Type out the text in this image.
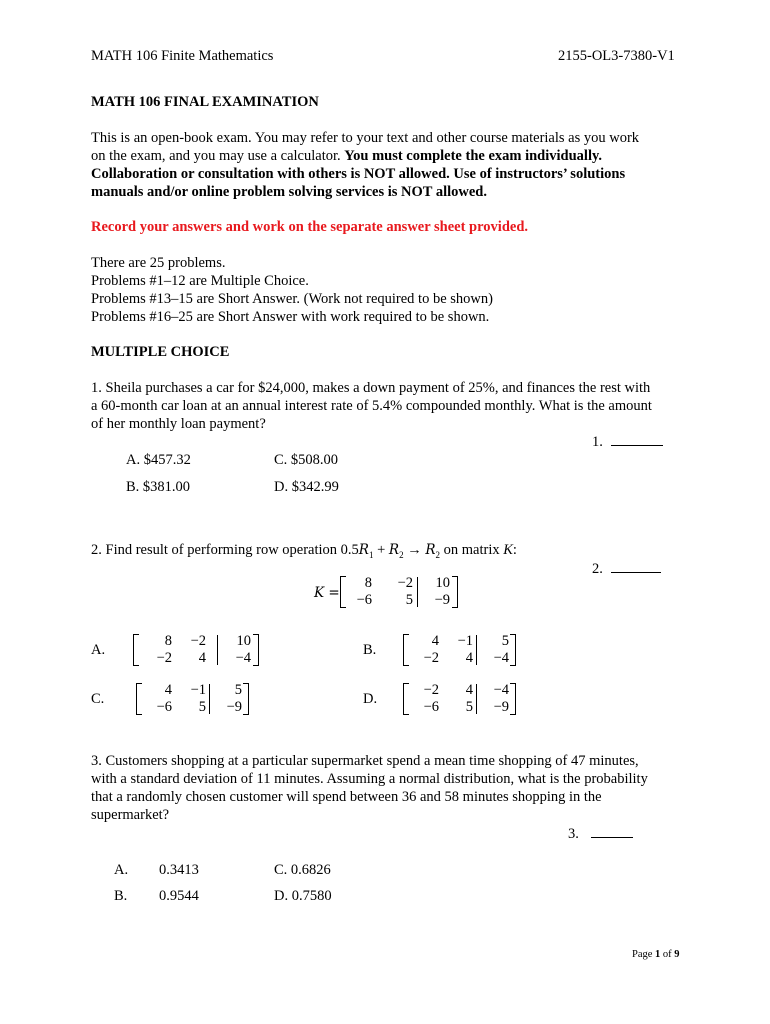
MATH 106 Finite Mathematics	2155-OL3-7380-V1
MATH 106 FINAL EXAMINATION
This is an open-book exam. You may refer to your text and other course materials as you work
on the exam, and you may use a calculator. You must complete the exam individually.
Collaboration or consultation with others is NOT allowed. Use of instructors’ solutions
manuals and/or online problem solving services is NOT allowed.
Record your answers and work on the separate answer sheet provided.
There are 25 problems.
Problems #1–12 are Multiple Choice.
Problems #13–15 are Short Answer. (Work not required to be shown)
Problems #16–25 are Short Answer with work required to be shown.
MULTIPLE CHOICE
1. Sheila purchases a car for $24,000, makes a down payment of 25%, and finances the rest with
a 60-month car loan at an annual interest rate of 5.4% compounded monthly. What is the amount
of her monthly loan payment?
1.
A. $457.32	C. $508.00
B. $381.00	D. $342.99
2. Find result of performing row operation $0.5R_1 + R_2 \to R_2$ on matrix K:
2.
K =
8 −2 10
−6 5 −9
A.
8 −2 10
−2 4 −4	B.
4 −1 5
−2 4 −4
C.
4 −1 5
−6 5 −9	D.
−2 4 −4
−6 5 −9
3. Customers shopping at a particular supermarket spend a mean time shopping of 47 minutes,
with a standard deviation of 11 minutes. Assuming a normal distribution, what is the probability
that a randomly chosen customer will spend between 36 and 58 minutes shopping in the
supermarket?
3.
A. 0.3413	C. 0.6826
B. 0.9544	D. 0.7580
Page 1 of 9
